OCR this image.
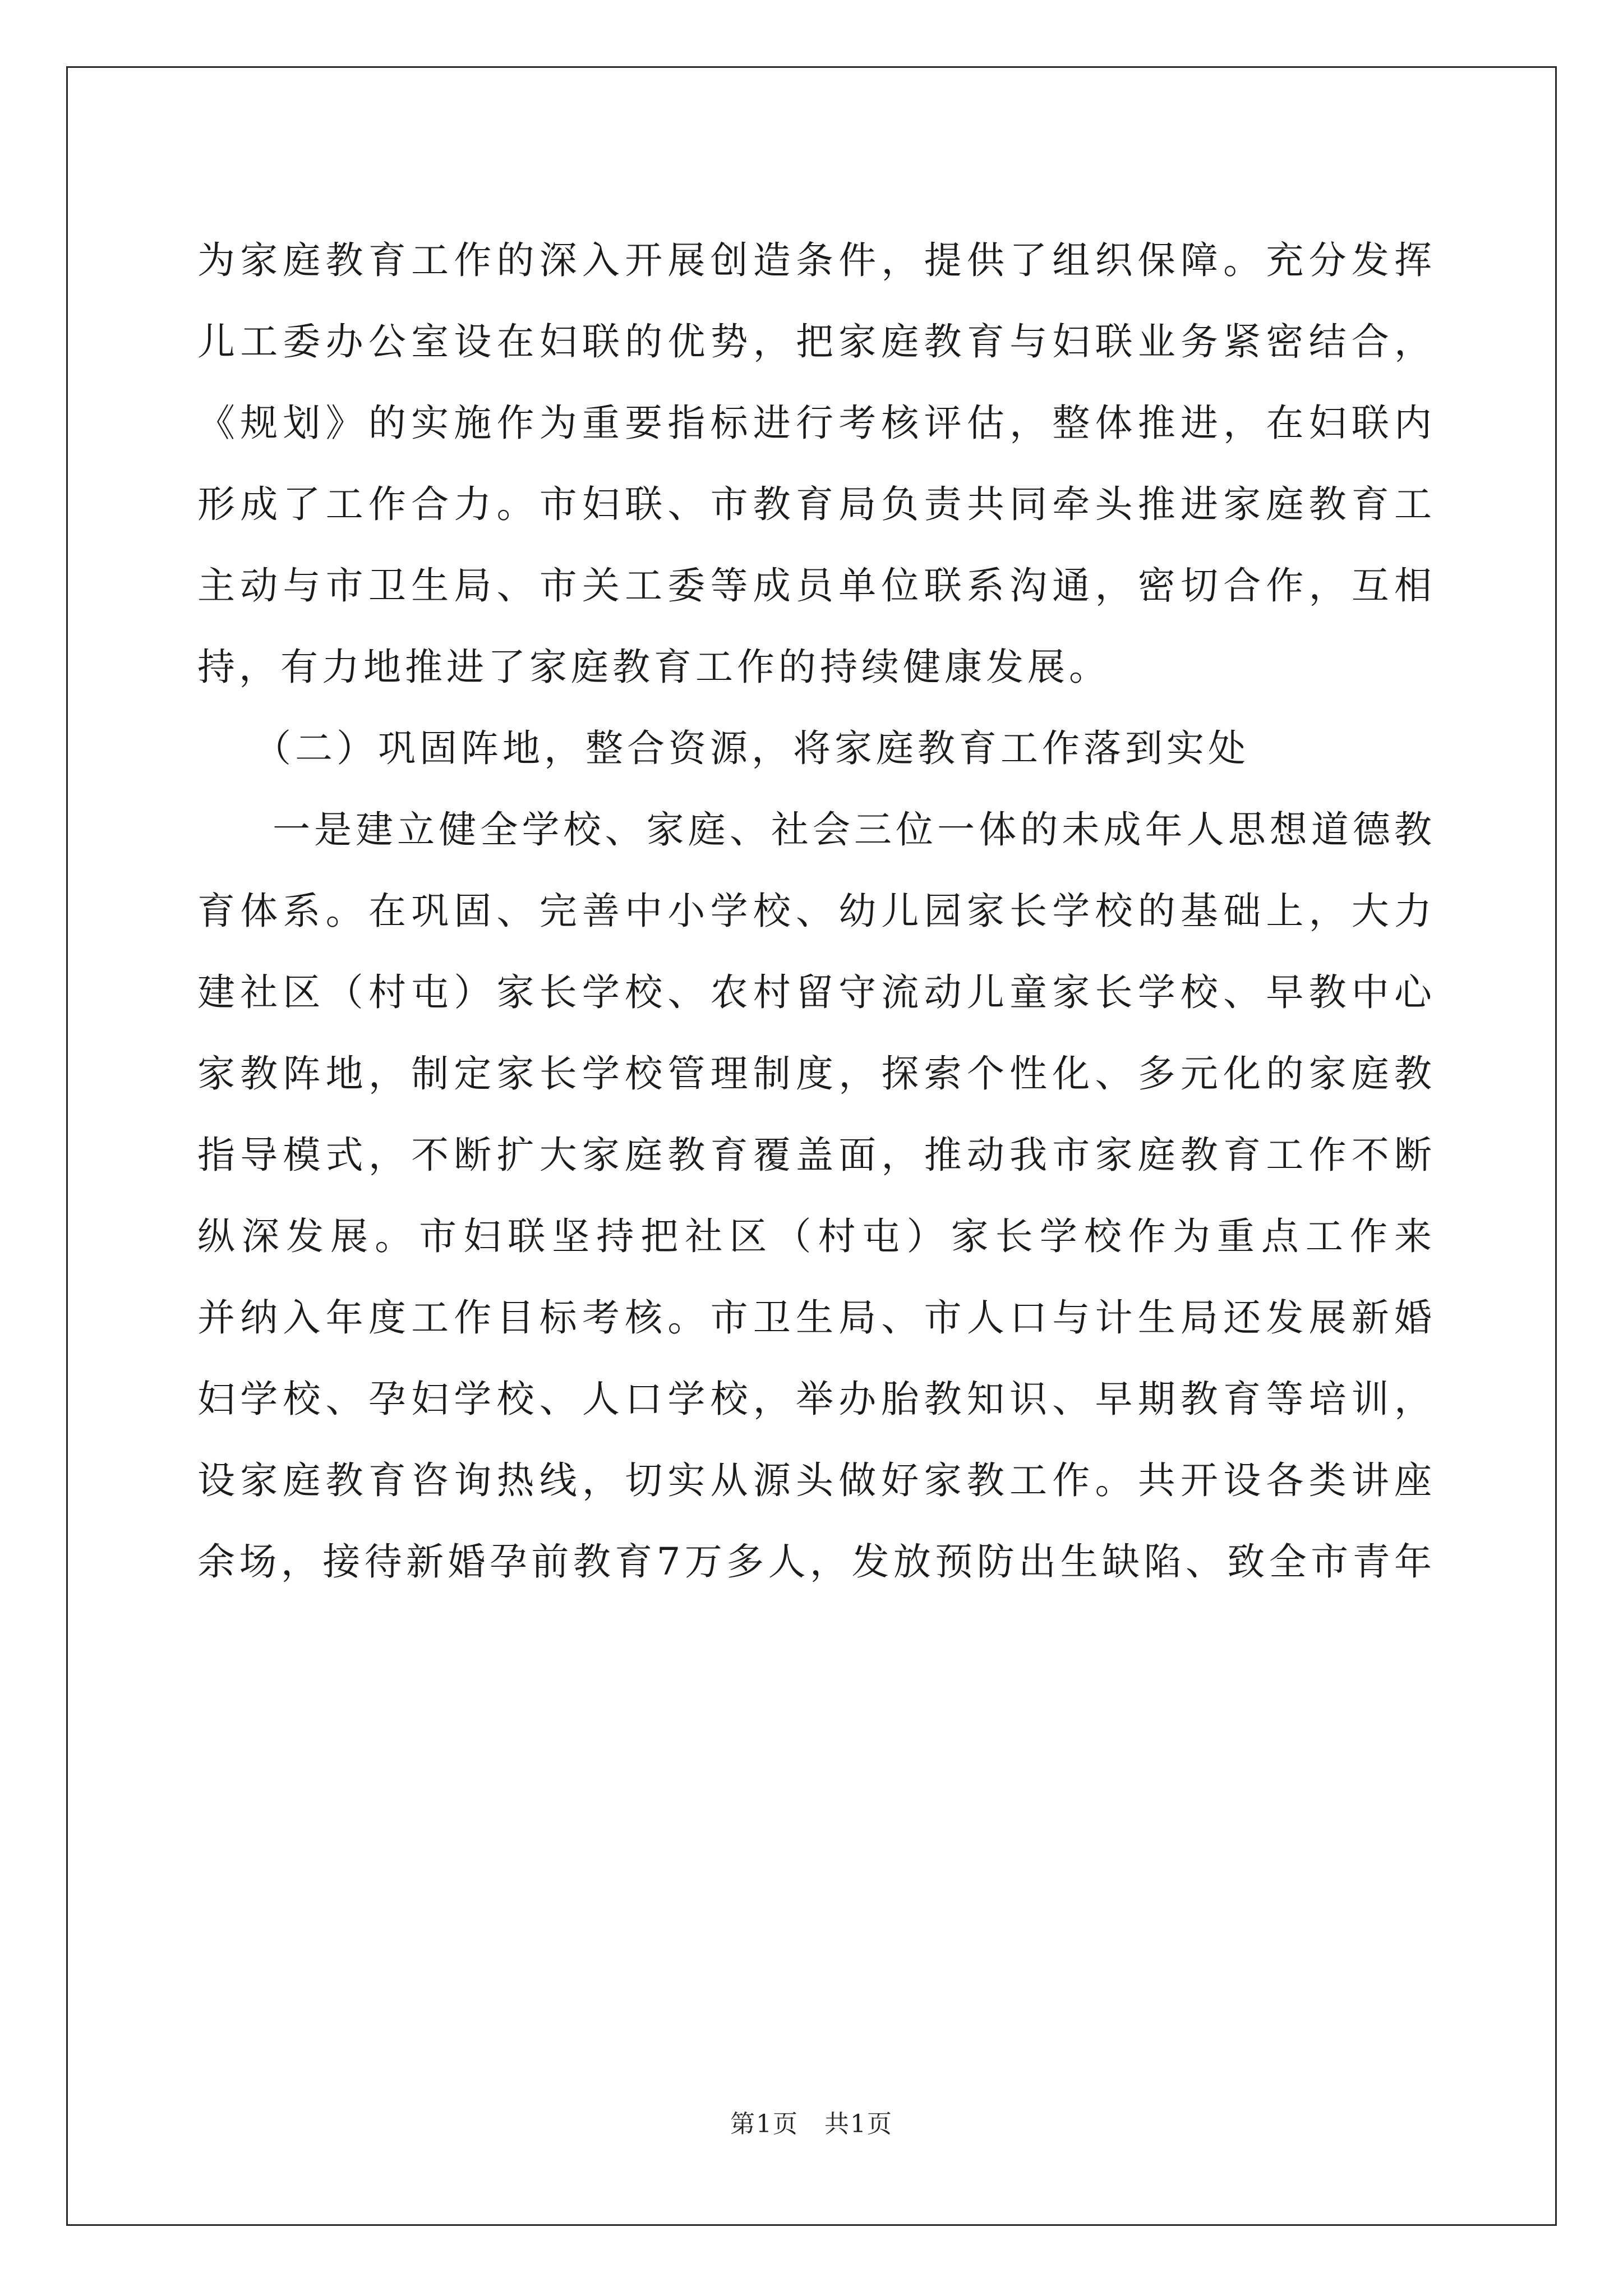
为家庭教育工作的深入开展创造条件，提供了组织保障。充分发挥
儿工委办公室设在妇联的优势，把家庭教育与妇联业务紧密结合，
《规划》的实施作为重要指标进行考核评估，整体推进，在妇联内
形成了工作合力。市妇联、市教育局负责共同牵头推进家庭教育工
主动与市卫生局、市关工委等成员单位联系沟通，密切合作，互相
持，有力地推进了家庭教育工作的持续健康发展。
（二）巩固阵地，整合资源，将家庭教育工作落到实处
一是建立健全学校、家庭、社会三位一体的未成年人思想道德教
育体系。在巩固、完善中小学校、幼儿园家长学校的基础上，大力
建社区（村屯）家长学校、农村留守流动儿童家长学校、早教中心
家教阵地，制定家长学校管理制度，探索个性化、多元化的家庭教
指导模式，不断扩大家庭教育覆盖面，推动我市家庭教育工作不断
纵深发展。市妇联坚持把社区（村屯）家长学校作为重点工作来
并纳入年度工作目标考核。市卫生局、市人口与计生局还发展新婚
妇学校、孕妇学校、人口学校，举办胎教知识、早期教育等培训，
设家庭教育咨询热线，切实从源头做好家教工作。共开设各类讲座
余场，接待新婚孕前教育7万多人，发放预防出生缺陷、致全市青年
第1页　共1页
